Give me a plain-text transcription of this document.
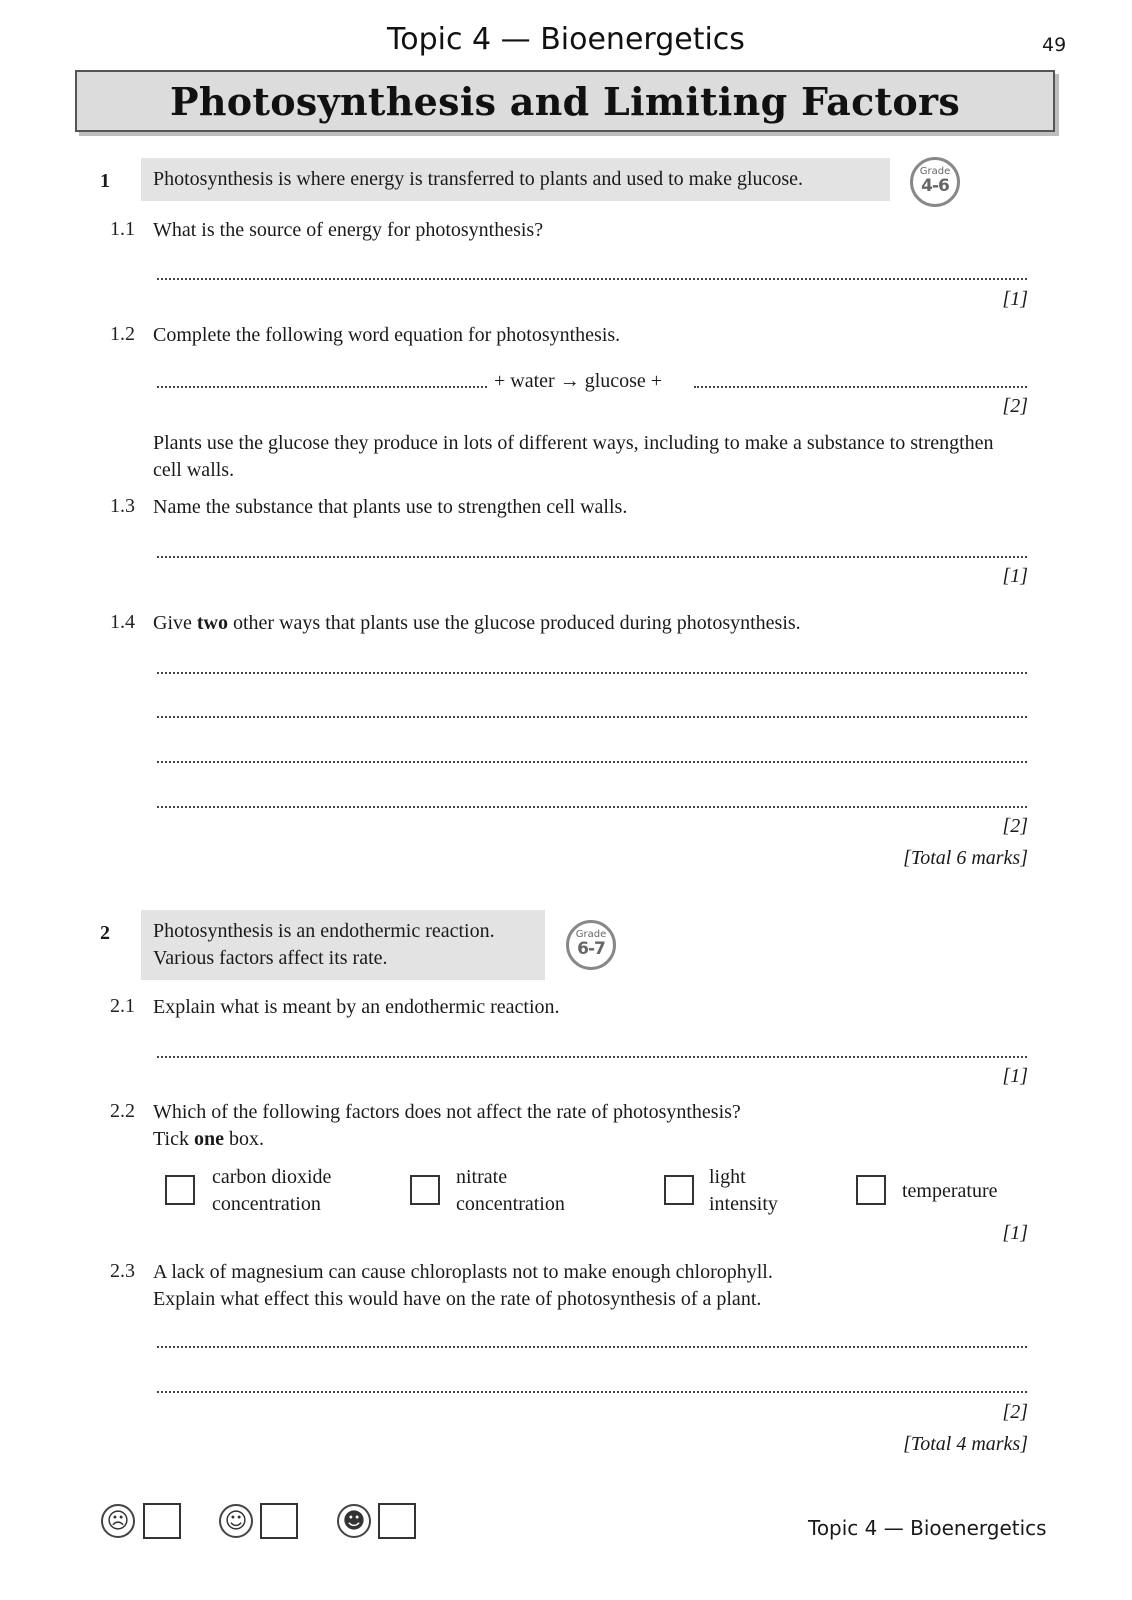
Topic 4 — Bioenergetics	49
Photosynthesis and Limiting Factors
1	Photosynthesis is where energy is transferred to plants and used to make glucose.	Grade
4-6
1.1 What is the source of energy for photosynthesis?
[1]
1.2 Complete the following word equation for photosynthesis.
+ water → glucose +
[2]
Plants use the glucose they produce in lots of different ways, including to make a substance to strengthen cell walls.
1.3 Name the substance that plants use to strengthen cell walls.
[1]
1.4 Give two other ways that plants use the glucose produced during photosynthesis.
[2]
[Total 6 marks]
2 Photosynthesis is an endothermic reaction.
Various factors affect its rate.
Grade
6-7
2.1 Explain what is meant by an endothermic reaction.
[1]
2.2 Which of the following factors does not affect the rate of photosynthesis?
Tick one box.
carbon dioxide
concentration
nitrate
concentration
light
intensity
temperature
[1]
2.3 A lack of magnesium can cause chloroplasts not to make enough chlorophyll.
Explain what effect this would have on the rate of photosynthesis of a plant.
[2]
[Total 4 marks]
☹	☺	☻	Topic 4 — Bioenergetics
